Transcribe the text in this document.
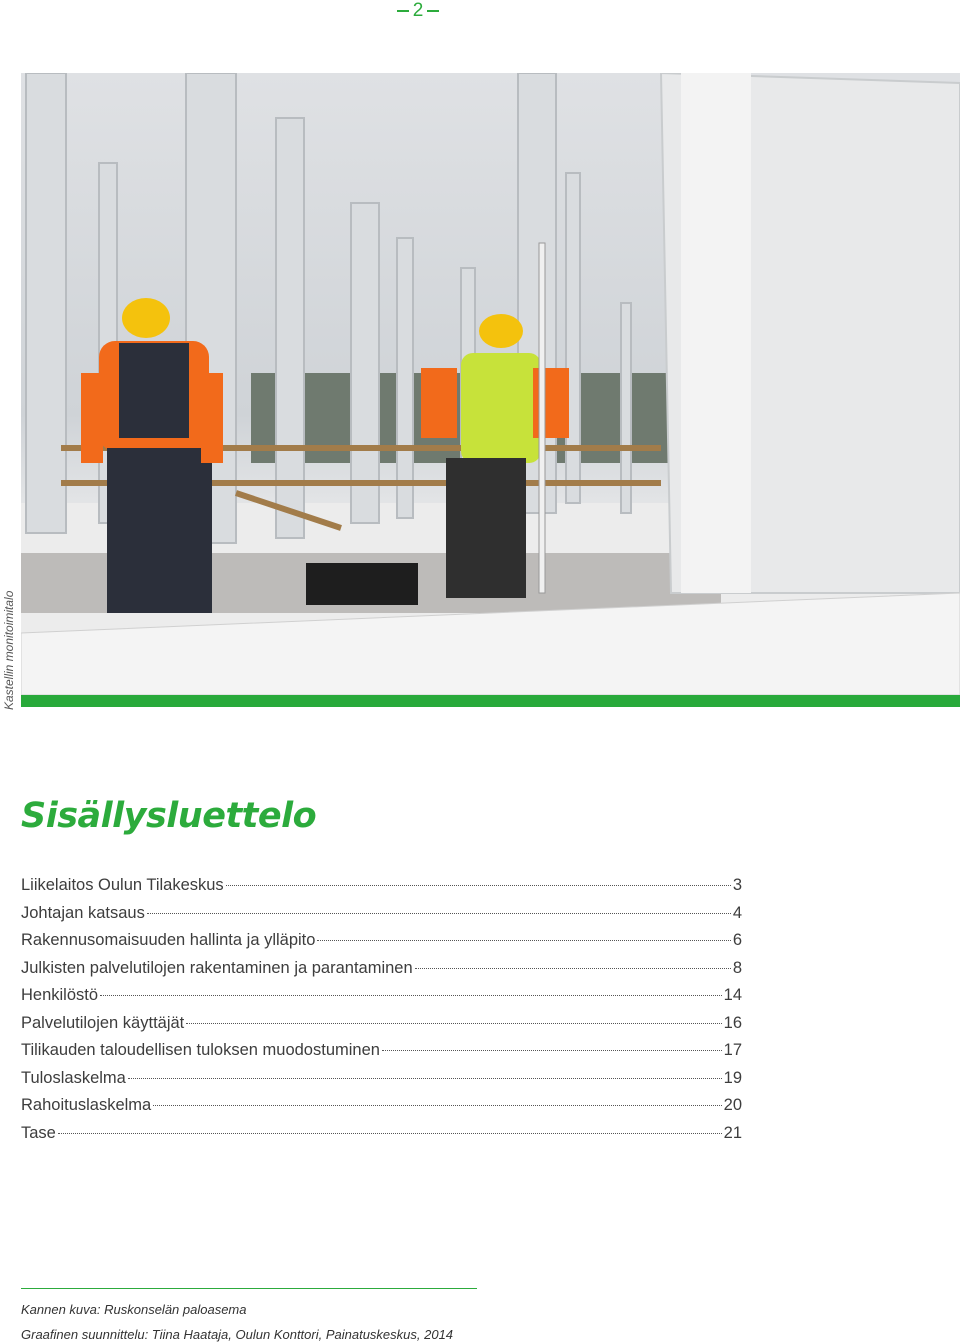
2
Kastellin monitoimitalo
Sisällysluettelo
Liikelaitos Oulun Tilakeskus	3
Johtajan katsaus	4
Rakennusomaisuuden hallinta ja ylläpito	6
Julkisten palvelutilojen rakentaminen ja parantaminen	8
Henkilöstö	14
Palvelutilojen käyttäjät	16
Tilikauden taloudellisen tuloksen muodostuminen	17
Tuloslaskelma	19
Rahoituslaskelma	20
Tase	21
Kannen kuva: Ruskonselän paloasema
Graafinen suunnittelu: Tiina Haataja, Oulun Konttori, Painatuskeskus, 2014
